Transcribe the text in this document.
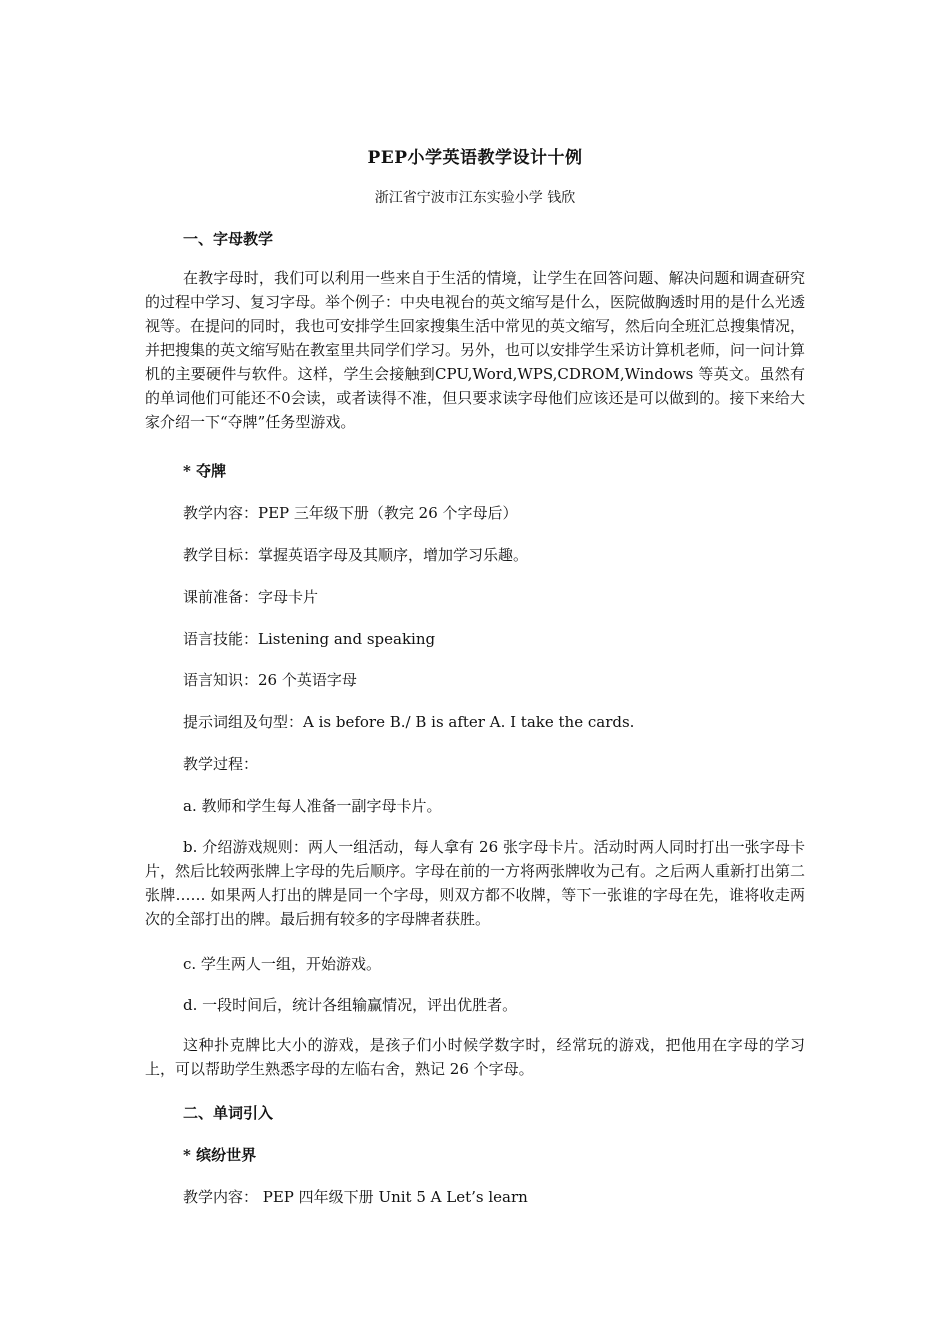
PEP小学英语教学设计十例
浙江省宁波市江东实验小学 钱欣
一、字母教学

在教字母时，我们可以利用一些来自于生活的情境，让学生在回答问题、解决问题和调查研究的过程中学习、复习字母。举个例子：中央电视台的英文缩写是什么，医院做胸透时用的是什么光透视等。在提问的同时，我也可安排学生回家搜集生活中常见的英文缩写，然后向全班汇总搜集情况，并把搜集的英文缩写贴在教室里共同学们学习。另外，也可以安排学生采访计算机老师，问一问计算机的主要硬件与软件。这样，学生会接触到CPU,Word,WPS,CDROM,Windows 等英文。虽然有的单词他们可能还不0会读，或者读得不准，但只要求读字母他们应该还是可以做到的。接下来给大家介绍一下“夺牌”任务型游戏。

* 夺牌
教学内容：PEP 三年级下册（教完 26 个字母后）
教学目标：掌握英语字母及其顺序，增加学习乐趣。
课前准备：字母卡片
语言技能：Listening and speaking
语言知识：26 个英语字母
提示词组及句型：A is before B./ B is after A. I take the cards.
教学过程：
a. 教师和学生每人准备一副字母卡片。

b. 介绍游戏规则：两人一组活动，每人拿有 26 张字母卡片。活动时两人同时打出一张字母卡片，然后比较两张牌上字母的先后顺序。字母在前的一方将两张牌收为己有。之后两人重新打出第二张牌…… 如果两人打出的牌是同一个字母，则双方都不收牌，等下一张谁的字母在先，谁将收走两次的全部打出的牌。最后拥有较多的字母牌者获胜。

c. 学生两人一组，开始游戏。
d. 一段时间后，统计各组输赢情况，评出优胜者。

这种扑克牌比大小的游戏，是孩子们小时候学数字时，经常玩的游戏，把他用在字母的学习上，可以帮助学生熟悉字母的左临右舍，熟记 26 个字母。

二、单词引入
* 缤纷世界
教学内容： PEP 四年级下册 Unit 5 A Let’s learn
